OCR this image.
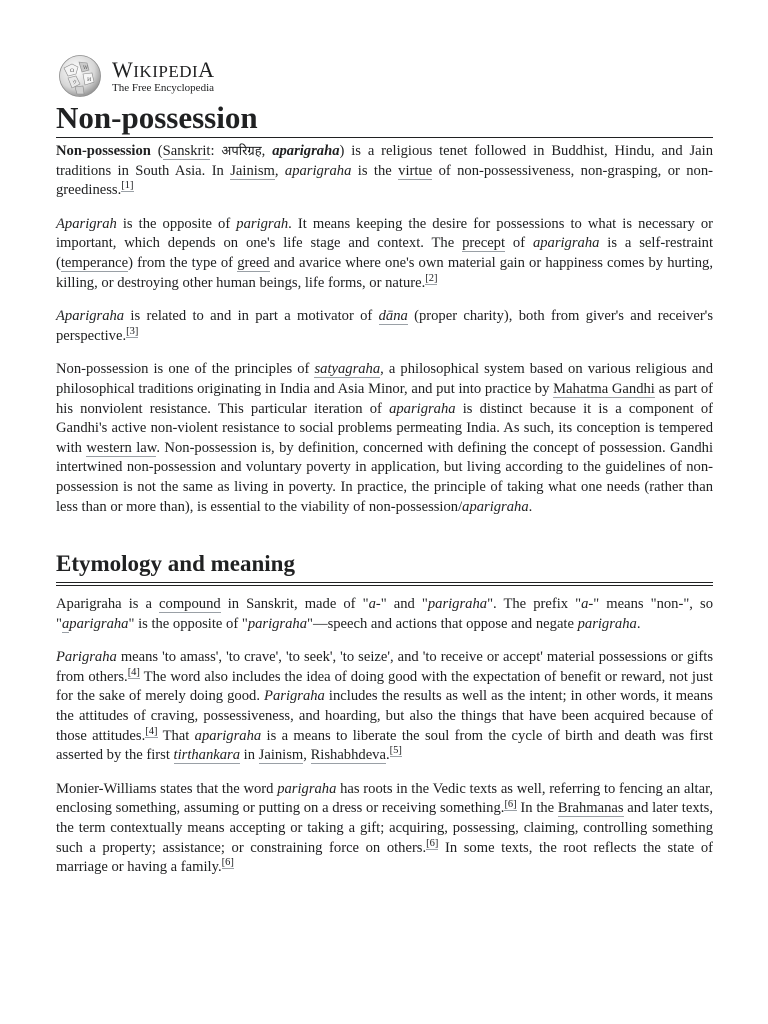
Ω W
И
ウ
WIKIPEDIA
The Free Encyclopedia
Non-possession

Non-possession (Sanskrit: अपरिग्रह, aparigraha) is a religious tenet followed in Buddhist, Hindu, and Jain traditions in South Asia. In Jainism, aparigraha is the virtue of non-possessiveness, non-grasping, or non-greediness.[1]

Aparigrah is the opposite of parigrah. It means keeping the desire for possessions to what is necessary or important, which depends on one's life stage and context. The precept of aparigraha is a self-restraint (temperance) from the type of greed and avarice where one's own material gain or happiness comes by hurting, killing, or destroying other human beings, life forms, or nature.[2]

Aparigraha is related to and in part a motivator of dāna (proper charity), both from giver's and receiver's perspective.[3]

Non-possession is one of the principles of satyagraha, a philosophical system based on various religious and philosophical traditions originating in India and Asia Minor, and put into practice by Mahatma Gandhi as part of his nonviolent resistance. This particular iteration of aparigraha is distinct because it is a component of Gandhi's active non-violent resistance to social problems permeating India. As such, its conception is tempered with western law. Non-possession is, by definition, concerned with defining the concept of possession. Gandhi intertwined non-possession and voluntary poverty in application, but living according to the guidelines of non-possession is not the same as living in poverty. In practice, the principle of taking what one needs (rather than less than or more than), is essential to the viability of non-possession/aparigraha.

Etymology and meaning

Aparigraha is a compound in Sanskrit, made of "a-" and "parigraha". The prefix "a-" means "non-", so "aparigraha" is the opposite of "parigraha"—speech and actions that oppose and negate parigraha.

Parigraha means 'to amass', 'to crave', 'to seek', 'to seize', and 'to receive or accept' material possessions or gifts from others.[4] The word also includes the idea of doing good with the expectation of benefit or reward, not just for the sake of merely doing good. Parigraha includes the results as well as the intent; in other words, it means the attitudes of craving, possessiveness, and hoarding, but also the things that have been acquired because of those attitudes.[4] That aparigraha is a means to liberate the soul from the cycle of birth and death was first asserted by the first tirthankara in Jainism, Rishabhdeva.[5]

Monier-Williams states that the word parigraha has roots in the Vedic texts as well, referring to fencing an altar, enclosing something, assuming or putting on a dress or receiving something.[6] In the Brahmanas and later texts, the term contextually means accepting or taking a gift; acquiring, possessing, claiming, controlling something such a property; assistance; or constraining force on others.[6] In some texts, the root reflects the state of marriage or having a family.[6]
